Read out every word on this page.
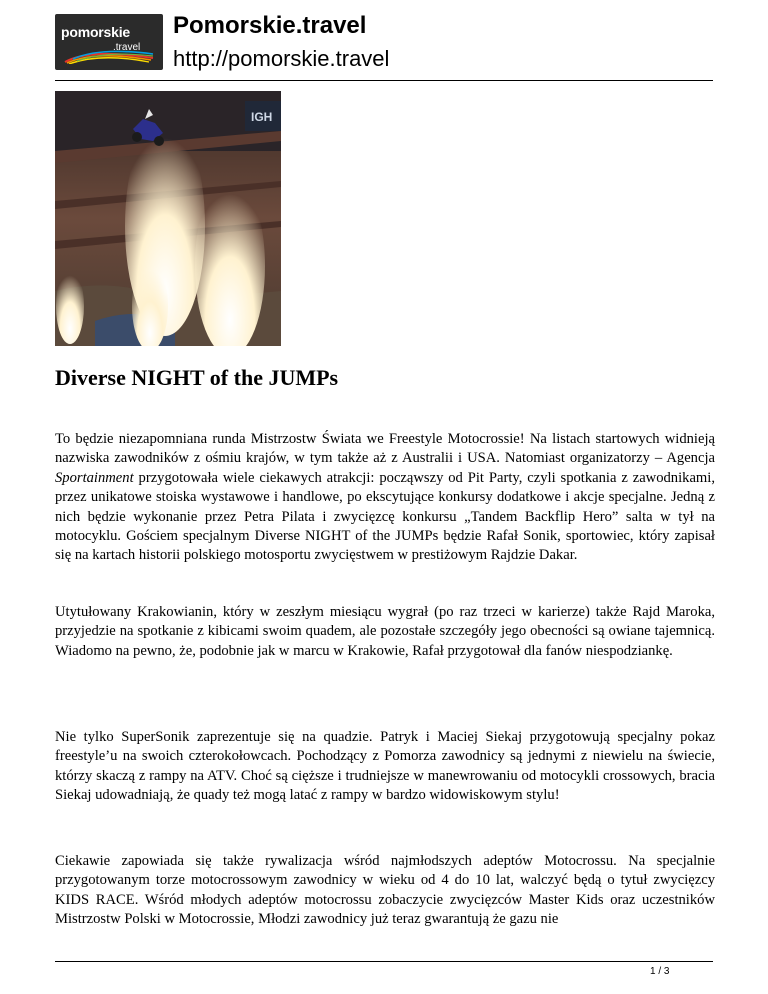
pomorskie
.travel
Pomorskie.travel
http://pomorskie.travel
IGH
Diverse NIGHT of the JUMPs

To będzie niezapomniana runda Mistrzostw Świata we Freestyle Motocrossie! Na listach startowych widnieją nazwiska zawodników z ośmiu krajów, w tym także aż z Australii i USA. Natomiast organizatorzy – Agencja Sportainment przygotowała wiele ciekawych atrakcji: począwszy od Pit Party, czyli spotkania z zawodnikami, przez unikatowe stoiska wystawowe i handlowe, po ekscytujące konkursy dodatkowe i akcje specjalne. Jedną z nich będzie wykonanie przez Petra Pilata i zwycięzcę konkursu „Tandem Backflip Hero” salta w tył na motocyklu. Gościem specjalnym Diverse NIGHT of the JUMPs będzie Rafał Sonik, sportowiec, który zapisał się na kartach historii polskiego motosportu zwycięstwem w prestiżowym Rajdzie Dakar.

Utytułowany Krakowianin, który w zeszłym miesiącu wygrał (po raz trzeci w karierze) także Rajd Maroka, przyjedzie na spotkanie z kibicami swoim quadem, ale pozostałe szczegóły jego obecności są owiane tajemnicą. Wiadomo na pewno, że, podobnie jak w marcu w Krakowie, Rafał przygotował dla fanów niespodziankę.

Nie tylko SuperSonik zaprezentuje się na quadzie. Patryk i Maciej Siekaj przygotowują specjalny pokaz freestyle’u na swoich czterokołowcach. Pochodzący z Pomorza zawodnicy są jednymi z niewielu na świecie, którzy skaczą z rampy na ATV. Choć są cięższe i trudniejsze w manewrowaniu od motocykli crossowych, bracia Siekaj udowadniają, że quady też mogą latać z rampy w bardzo widowiskowym stylu!

Ciekawie zapowiada się także rywalizacja wśród najmłodszych adeptów Motocrossu. Na specjalnie przygotowanym torze motocrossowym zawodnicy w wieku od 4 do 10 lat, walczyć będą o tytuł zwycięzcy KIDS RACE. Wśród młodych adeptów motocrossu zobaczycie zwycięzców Master Kids oraz uczestników Mistrzostw Polski w Motocrossie, Młodzi zawodnicy już teraz gwarantują że gazu nie

1 / 3
